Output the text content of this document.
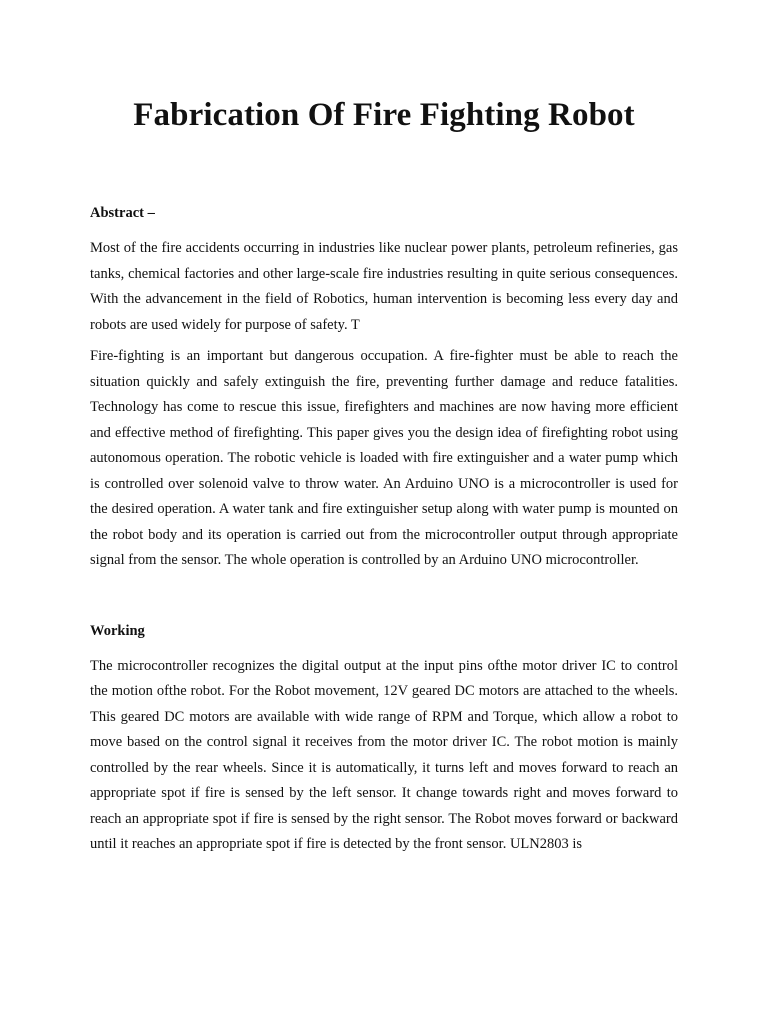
Fabrication Of Fire Fighting Robot
Abstract –

Most of the fire accidents occurring in industries like nuclear power plants, petroleum refineries, gas tanks, chemical factories and other large-scale fire industries resulting in quite serious consequences. With the advancement in the field of Robotics, human intervention is becoming less every day and robots are used widely for purpose of safety. T

Fire-fighting is an important but dangerous occupation. A fire-fighter must be able to reach the situation quickly and safely extinguish the fire, preventing further damage and reduce fatalities. Technology has come to rescue this issue, firefighters and machines are now having more efficient and effective method of firefighting. This paper gives you the design idea of firefighting robot using autonomous operation. The robotic vehicle is loaded with fire extinguisher and a water pump which is controlled over solenoid valve to throw water. An Arduino UNO is a microcontroller is used for the desired operation. A water tank and fire extinguisher setup along with water pump is mounted on the robot body and its operation is carried out from the microcontroller output through appropriate signal from the sensor. The whole operation is controlled by an Arduino UNO microcontroller.

Working

The microcontroller recognizes the digital output at the input pins ofthe motor driver IC to control the motion ofthe robot. For the Robot movement, 12V geared DC motors are attached to the wheels. This geared DC motors are available with wide range of RPM and Torque, which allow a robot to move based on the control signal it receives from the motor driver IC. The robot motion is mainly controlled by the rear wheels. Since it is automatically, it turns left and moves forward to reach an appropriate spot if fire is sensed by the left sensor. It change towards right and moves forward to reach an appropriate spot if fire is sensed by the right sensor. The Robot moves forward or backward until it reaches an appropriate spot if fire is detected by the front sensor. ULN2803 is
